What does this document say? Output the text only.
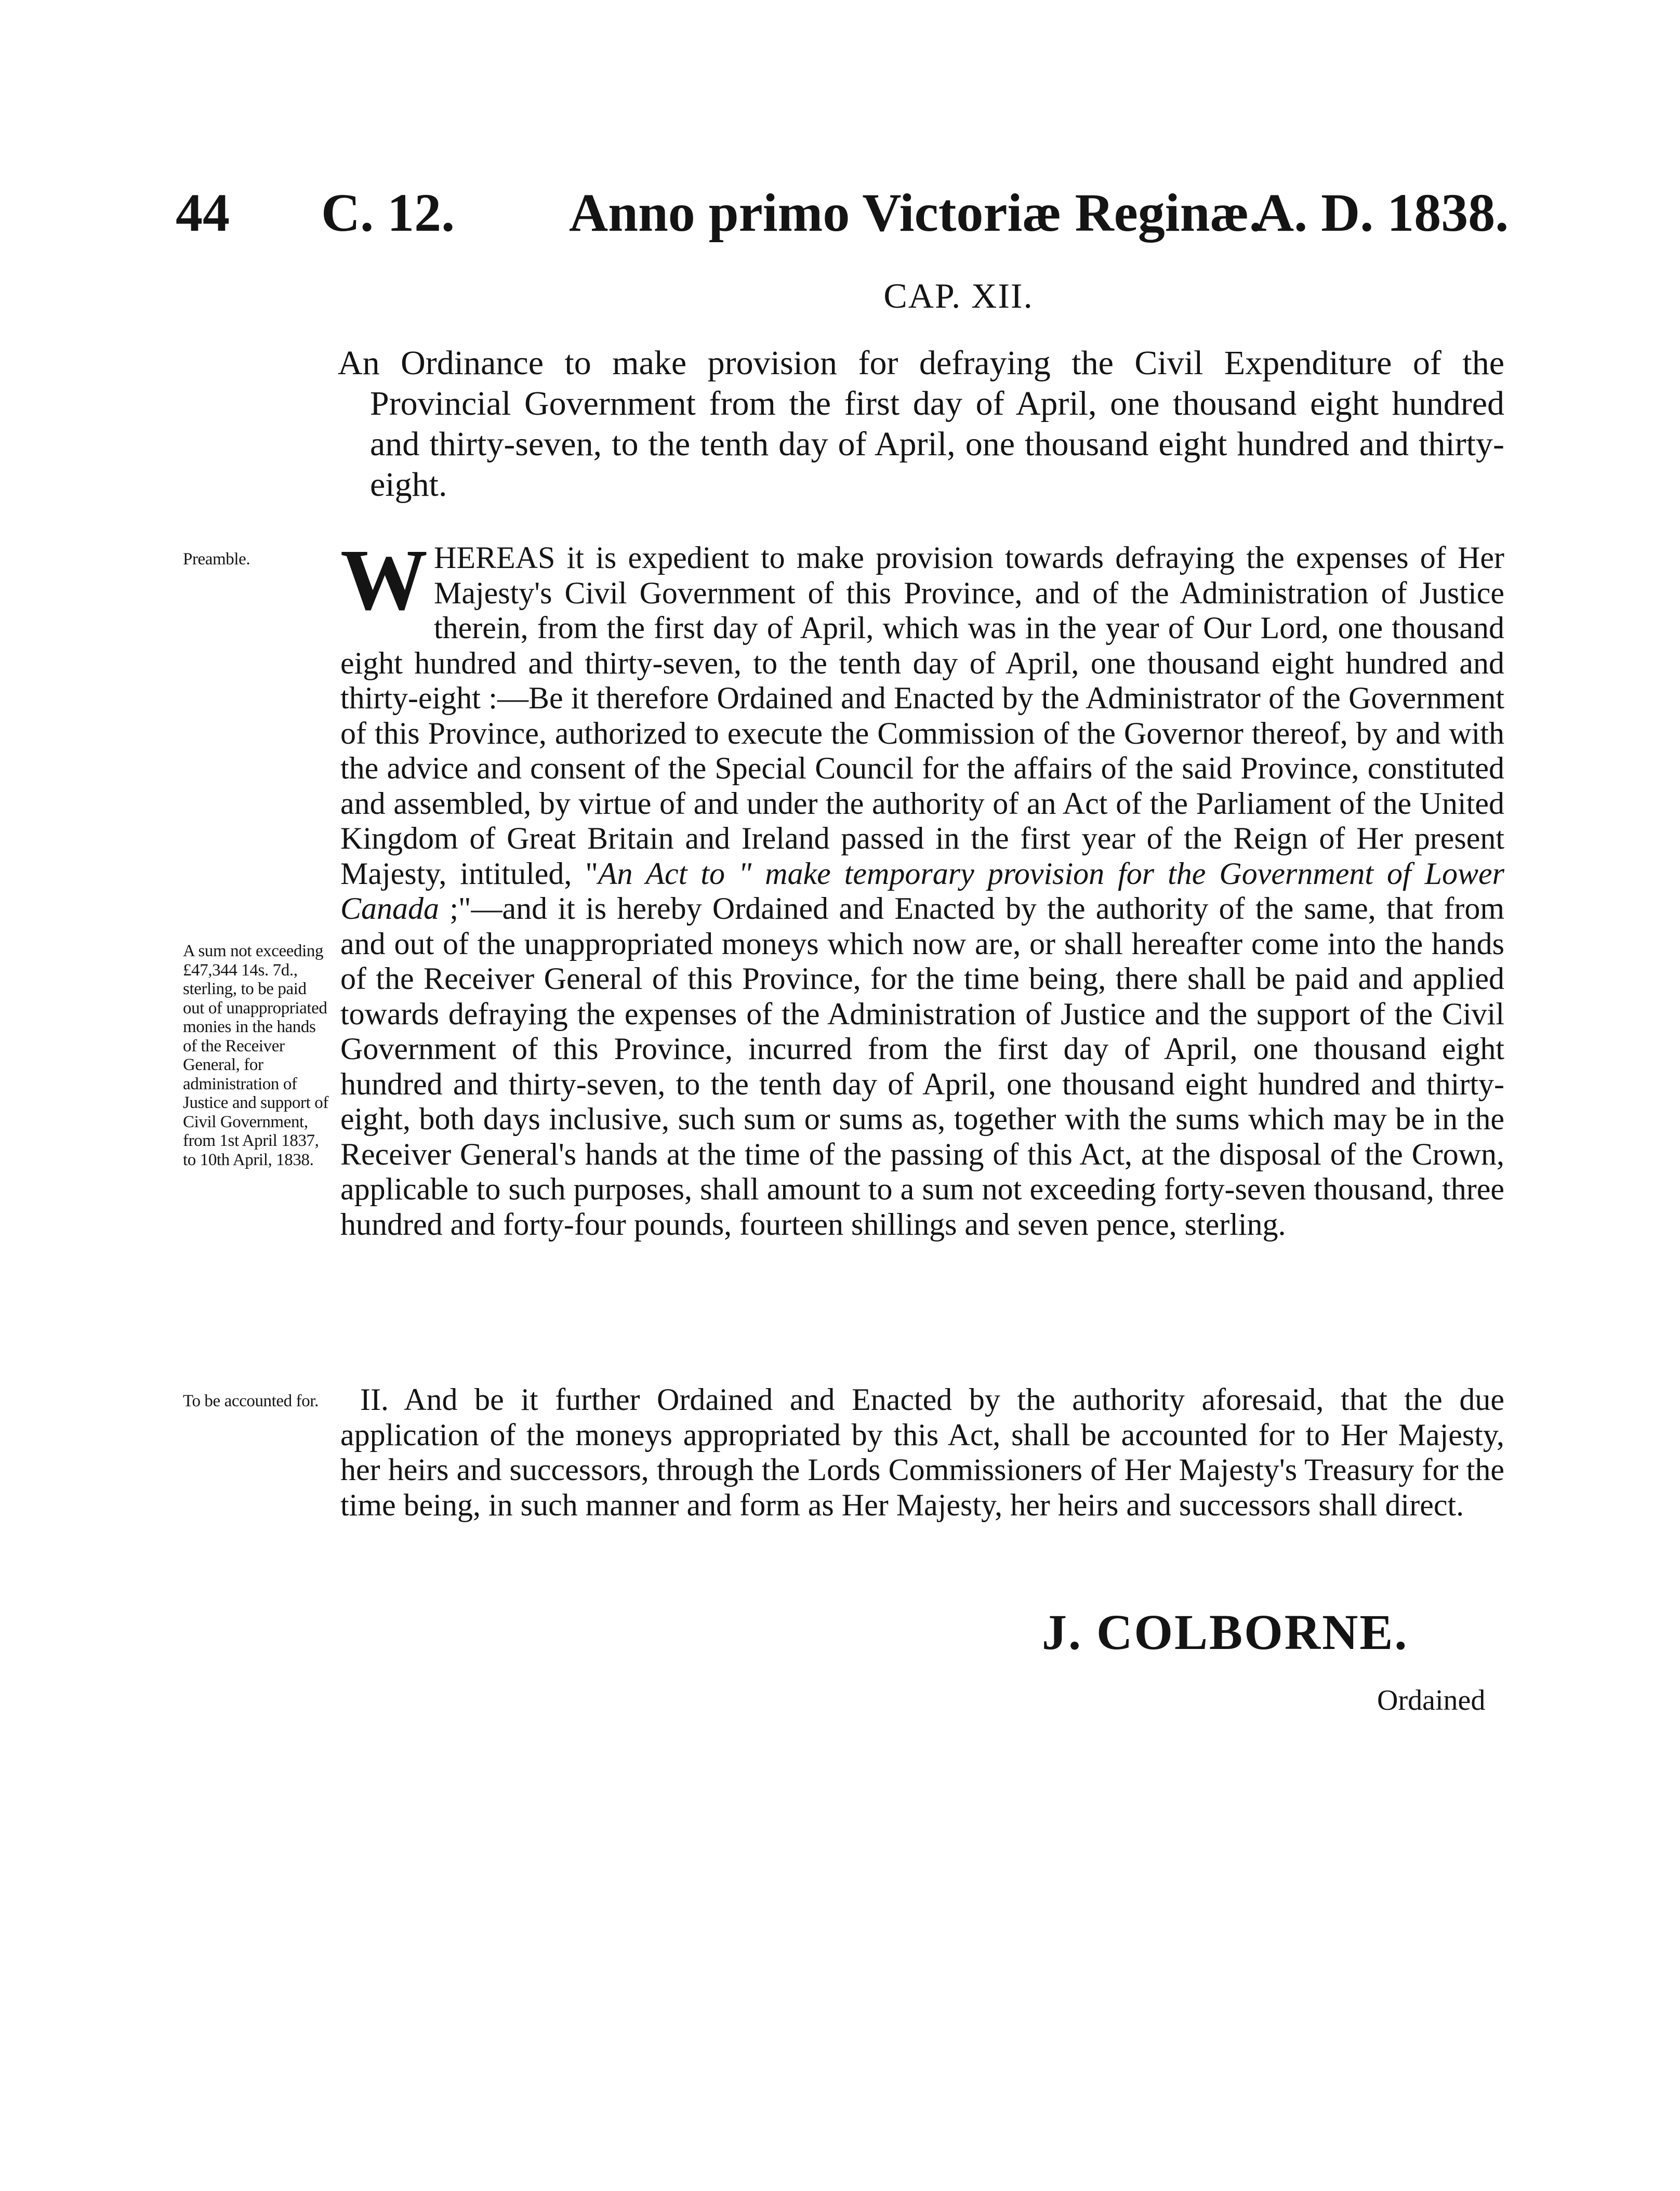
44 C. 12. Anno primo Victoriæ Reginæ.
A. D. 1838.
CAP. XII.
An Ordinance to make provision for defraying the Civil Expenditure of the Provincial Government from the first day of April, one thousand eight hundred and thirty-seven, to the tenth day of April, one thousand eight hundred and thirty-eight.
Preamble.	WHEREAS it is expedient to make provision towards defraying the expenses of Her Majesty's Civil Government of this Province, and of the Administration of Justice therein, from the first day of April, which was in the year of Our Lord, one thousand eight hundred and thirty-seven, to the tenth day of April, one thousand eight hundred and thirty-eight :—Be it therefore Ordained and Enacted by the Administrator of the Government of this Province, authorized to execute the Commission of the Governor thereof, by and with the advice and consent of the Special Council for the affairs of the said Province, constituted and assembled, by virtue of and under the authority of an Act of the Parliament of the United Kingdom of Great Britain and Ireland passed in the first year of the Reign of Her present Majesty, intituled, "An Act to " make temporary provision for the Government of Lower Canada ;"—and it is hereby Ordained and Enacted by the authority of the same, that from and out of the unappropriated moneys which now are, or shall hereafter come into the hands of the Receiver General of this Province, for the time being, there shall be paid and applied towards defraying the expenses of the Administration of Justice and the support of the Civil Government of this Province, incurred from the first day of April, one thousand eight hundred and thirty-seven, to the tenth day of April, one thousand eight hundred and thirty-eight, both days inclusive, such sum or sums as, together with the sums which may be in the Receiver General's hands at the time of the passing of this Act, at the disposal of the Crown, applicable to such purposes, shall amount to a sum not exceeding forty-seven thousand, three hundred and forty-four pounds, fourteen shillings and seven pence, sterling.
A sum not exceeding £47,344 14s. 7d., sterling, to be paid out of unappropriated monies in the hands of the Receiver General, for administration of Justice and support of Civil Government, from 1st April 1837, to 10th April, 1838.
To be accounted for.	II. And be it further Ordained and Enacted by the authority aforesaid, that the due application of the moneys appropriated by this Act, shall be accounted for to Her Majesty, her heirs and successors, through the Lords Commissioners of Her Majesty's Treasury for the time being, in such manner and form as Her Majesty, her heirs and successors shall direct.
J. COLBORNE.
Ordained
